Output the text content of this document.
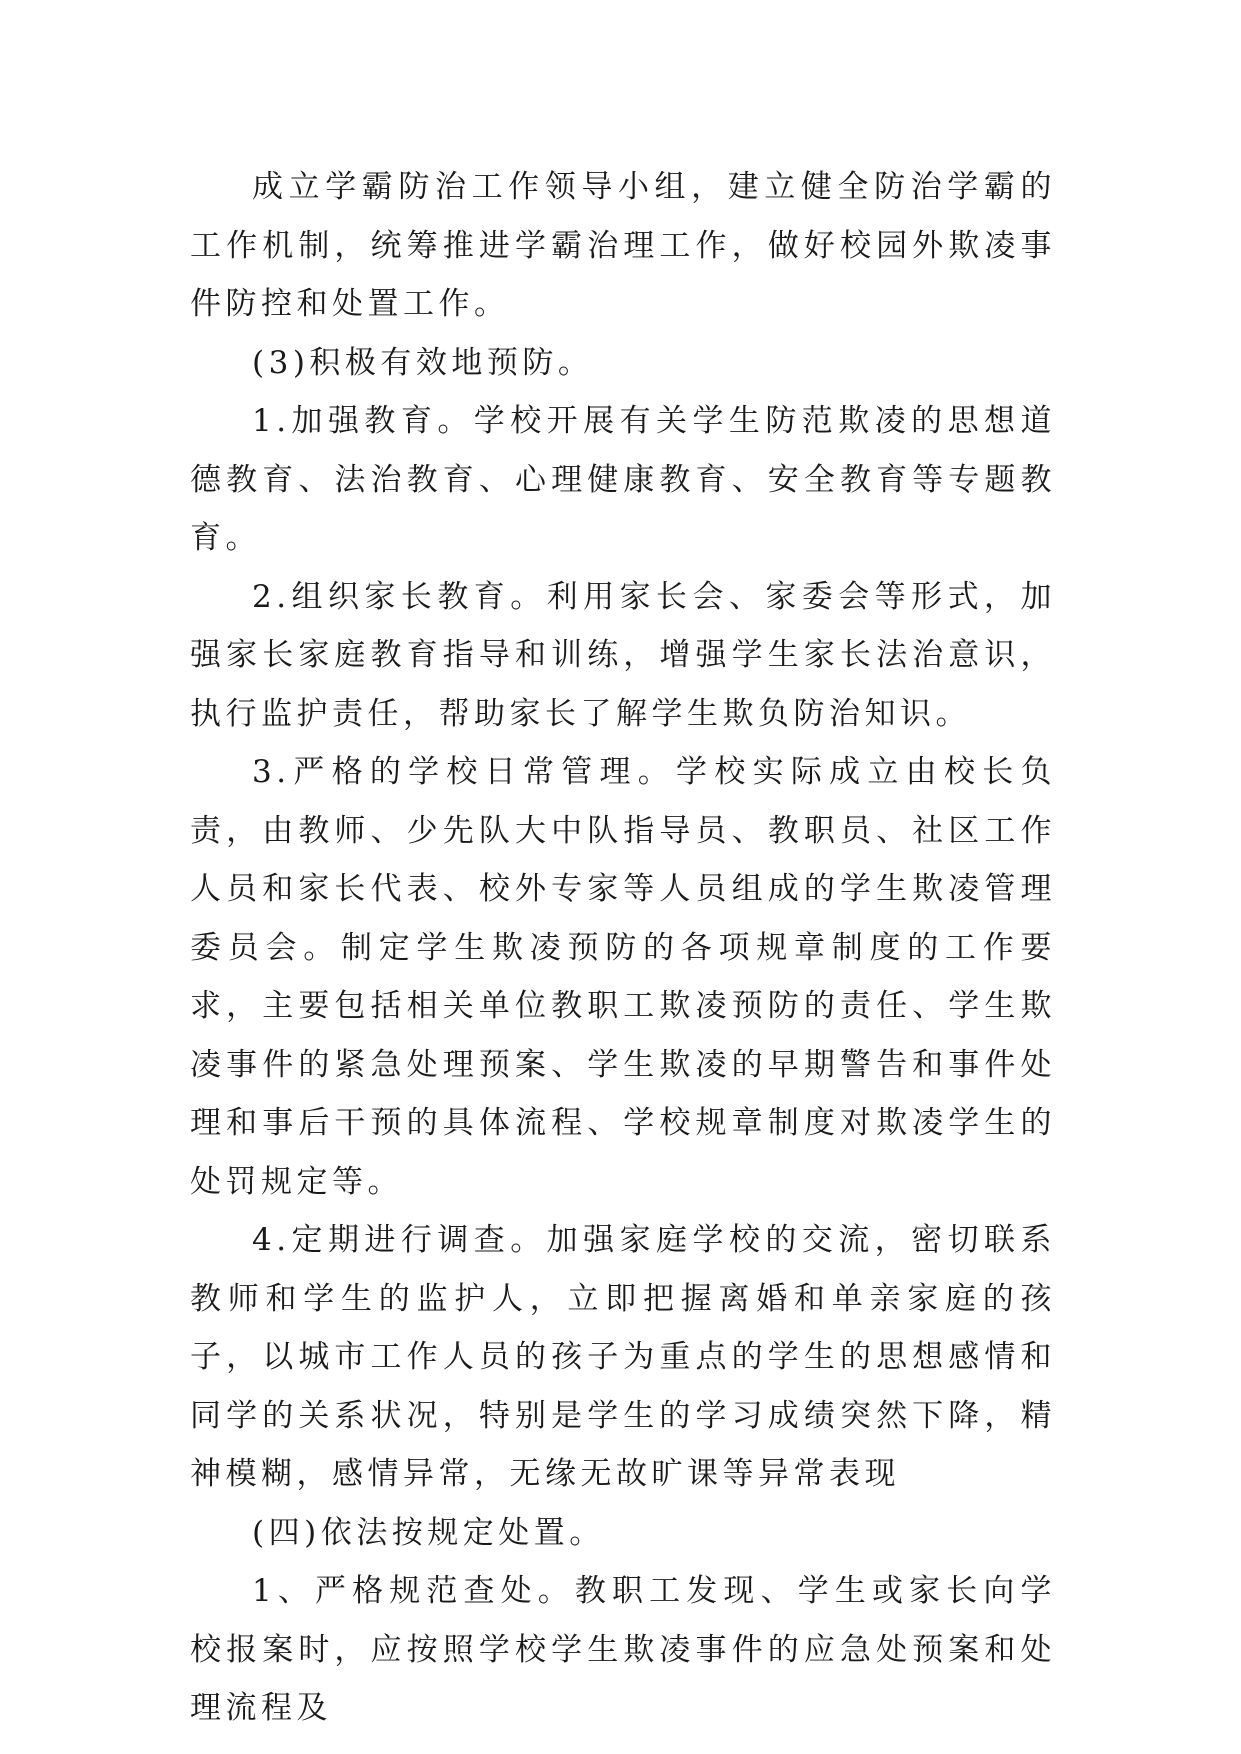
成立学霸防治工作领导小组，建立健全防治学霸的工作机制，统筹推进学霸治理工作，做好校园外欺凌事件防控和处置工作。

(3)积极有效地预防。

1.加强教育。学校开展有关学生防范欺凌的思想道德教育、法治教育、心理健康教育、安全教育等专题教育。

2.组织家长教育。利用家长会、家委会等形式，加强家长家庭教育指导和训练，增强学生家长法治意识，执行监护责任，帮助家长了解学生欺负防治知识。

3.严格的学校日常管理。学校实际成立由校长负责，由教师、少先队大中队指导员、教职员、社区工作人员和家长代表、校外专家等人员组成的学生欺凌管理委员会。制定学生欺凌预防的各项规章制度的工作要求，主要包括相关单位教职工欺凌预防的责任、学生欺凌事件的紧急处理预案、学生欺凌的早期警告和事件处理和事后干预的具体流程、学校规章制度对欺凌学生的处罚规定等。

4.定期进行调查。加强家庭学校的交流，密切联系教师和学生的监护人，立即把握离婚和单亲家庭的孩子，以城市工作人员的孩子为重点的学生的思想感情和同学的关系状况，特别是学生的学习成绩突然下降，精神模糊，感情异常，无缘无故旷课等异常表现

(四)依法按规定处置。

1、严格规范查处。教职工发现、学生或家长向学校报案时，应按照学校学生欺凌事件的应急处预案和处理流程及
